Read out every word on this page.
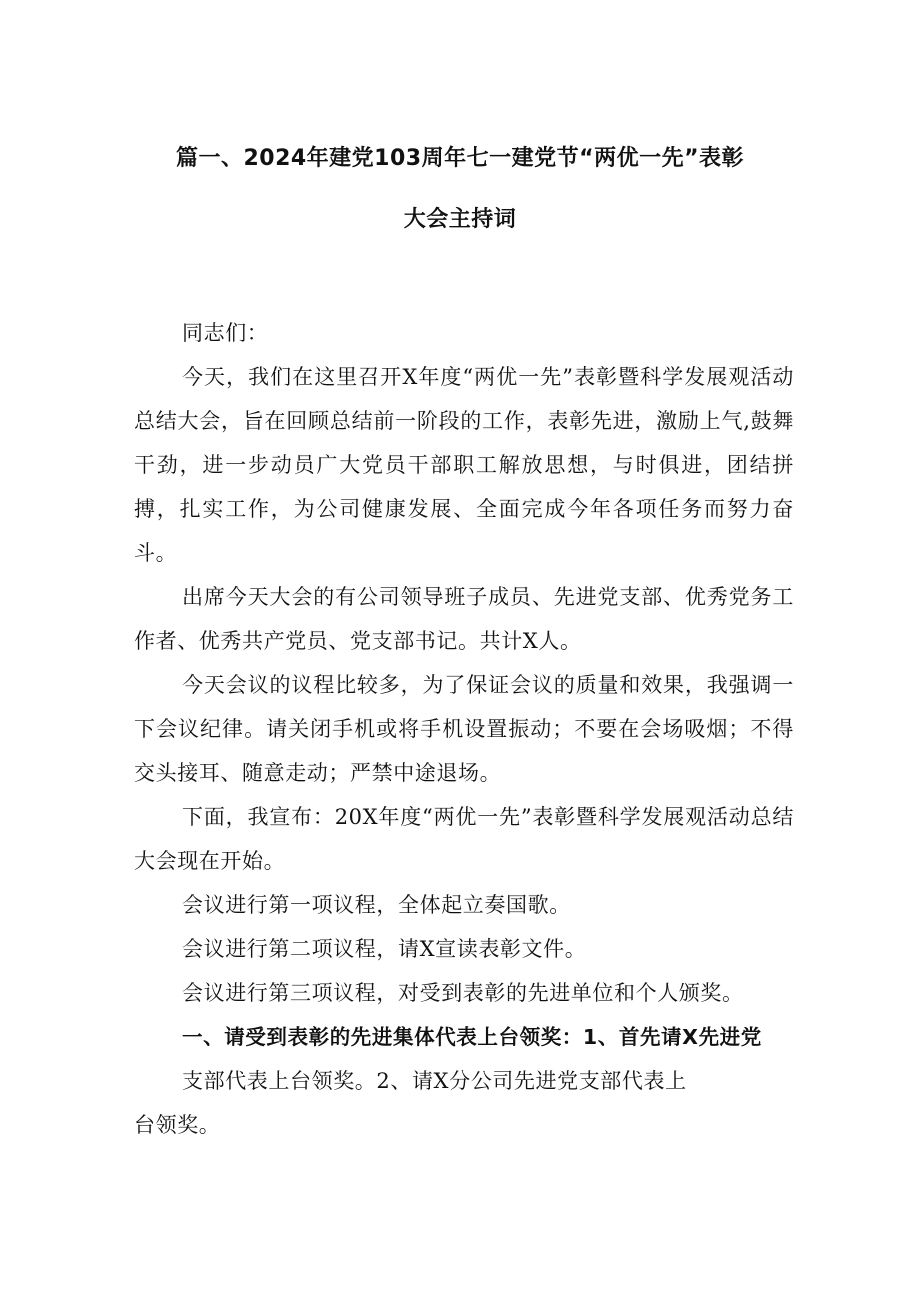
篇一、2024年建党103周年七一建党节“两优一先”表彰
大会主持词

同志们：

今天，我们在这里召开X年度“两优一先”表彰暨科学发展观活动总结大会，旨在回顾总结前一阶段的工作，表彰先进，激励上气,鼓舞干劲，进一步动员广大党员干部职工解放思想，与时俱进，团结拼搏，扎实工作，为公司健康发展、全面完成今年各项任务而努力奋斗。

出席今天大会的有公司领导班子成员、先进党支部、优秀党务工作者、优秀共产党员、党支部书记。共计X人。

今天会议的议程比较多，为了保证会议的质量和效果，我强调一下会议纪律。请关闭手机或将手机设置振动；不要在会场吸烟；不得交头接耳、随意走动；严禁中途退场。

下面，我宣布：20X年度“两优一先”表彰暨科学发展观活动总结大会现在开始。

会议进行第一项议程，全体起立奏国歌。

会议进行第二项议程，请X宣读表彰文件。

会议进行第三项议程，对受到表彰的先进单位和个人颁奖。

一、请受到表彰的先进集体代表上台领奖：1、首先请X先进党

支部代表上台领奖。2、请X分公司先进党支部代表上
台领奖。
